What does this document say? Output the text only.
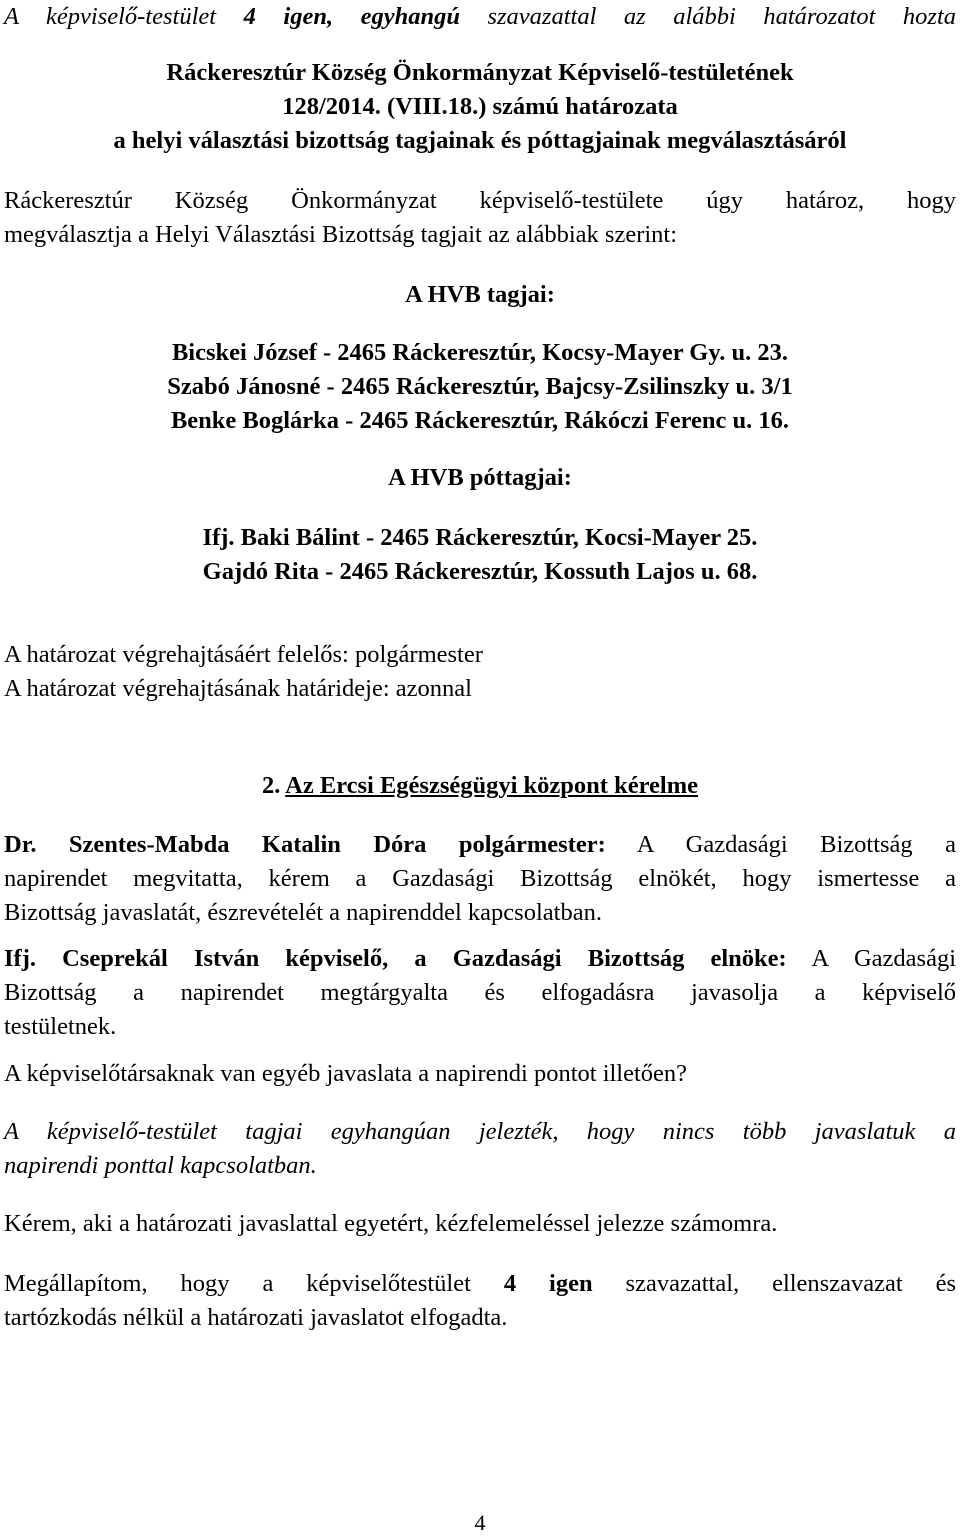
A képviselő-testület 4 igen, egyhangú szavazattal az alábbi határozatot hozta

Ráckeresztúr Község Önkormányzat Képviselő-testületének

128/2014. (VIII.18.) számú határozata

a helyi választási bizottság tagjainak és póttagjainak megválasztásáról

Ráckeresztúr Község Önkormányzat képviselő-testülete úgy határoz, hogy

megválasztja a Helyi Választási Bizottság tagjait az alábbiak szerint:

A HVB tagjai:

Bicskei József - 2465 Ráckeresztúr, Kocsy-Mayer Gy. u. 23.

Szabó Jánosné - 2465 Ráckeresztúr, Bajcsy-Zsilinszky u. 3/1

Benke Boglárka - 2465 Ráckeresztúr, Rákóczi Ferenc u. 16.

A HVB póttagjai:

Ifj. Baki Bálint - 2465 Ráckeresztúr, Kocsi-Mayer 25.

Gajdó Rita - 2465 Ráckeresztúr, Kossuth Lajos u. 68.

A határozat végrehajtásáért felelős: polgármester

A határozat végrehajtásának határideje: azonnal

2. Az Ercsi Egészségügyi központ kérelme

Dr. Szentes-Mabda Katalin Dóra polgármester: A Gazdasági Bizottság a

napirendet megvitatta, kérem a Gazdasági Bizottság elnökét, hogy ismertesse a

Bizottság javaslatát, észrevételét a napirenddel kapcsolatban.

Ifj. Cseprekál István képviselő, a Gazdasági Bizottság elnöke: A Gazdasági

Bizottság a napirendet megtárgyalta és elfogadásra javasolja a képviselő

testületnek.

A képviselőtársaknak van egyéb javaslata a napirendi pontot illetően?

A képviselő-testület tagjai egyhangúan jelezték, hogy nincs több javaslatuk a

napirendi ponttal kapcsolatban.

Kérem, aki a határozati javaslattal egyetért, kézfelemeléssel jelezze számomra.

Megállapítom, hogy a képviselőtestület 4 igen szavazattal, ellenszavazat és

tartózkodás nélkül a határozati javaslatot elfogadta.

4
